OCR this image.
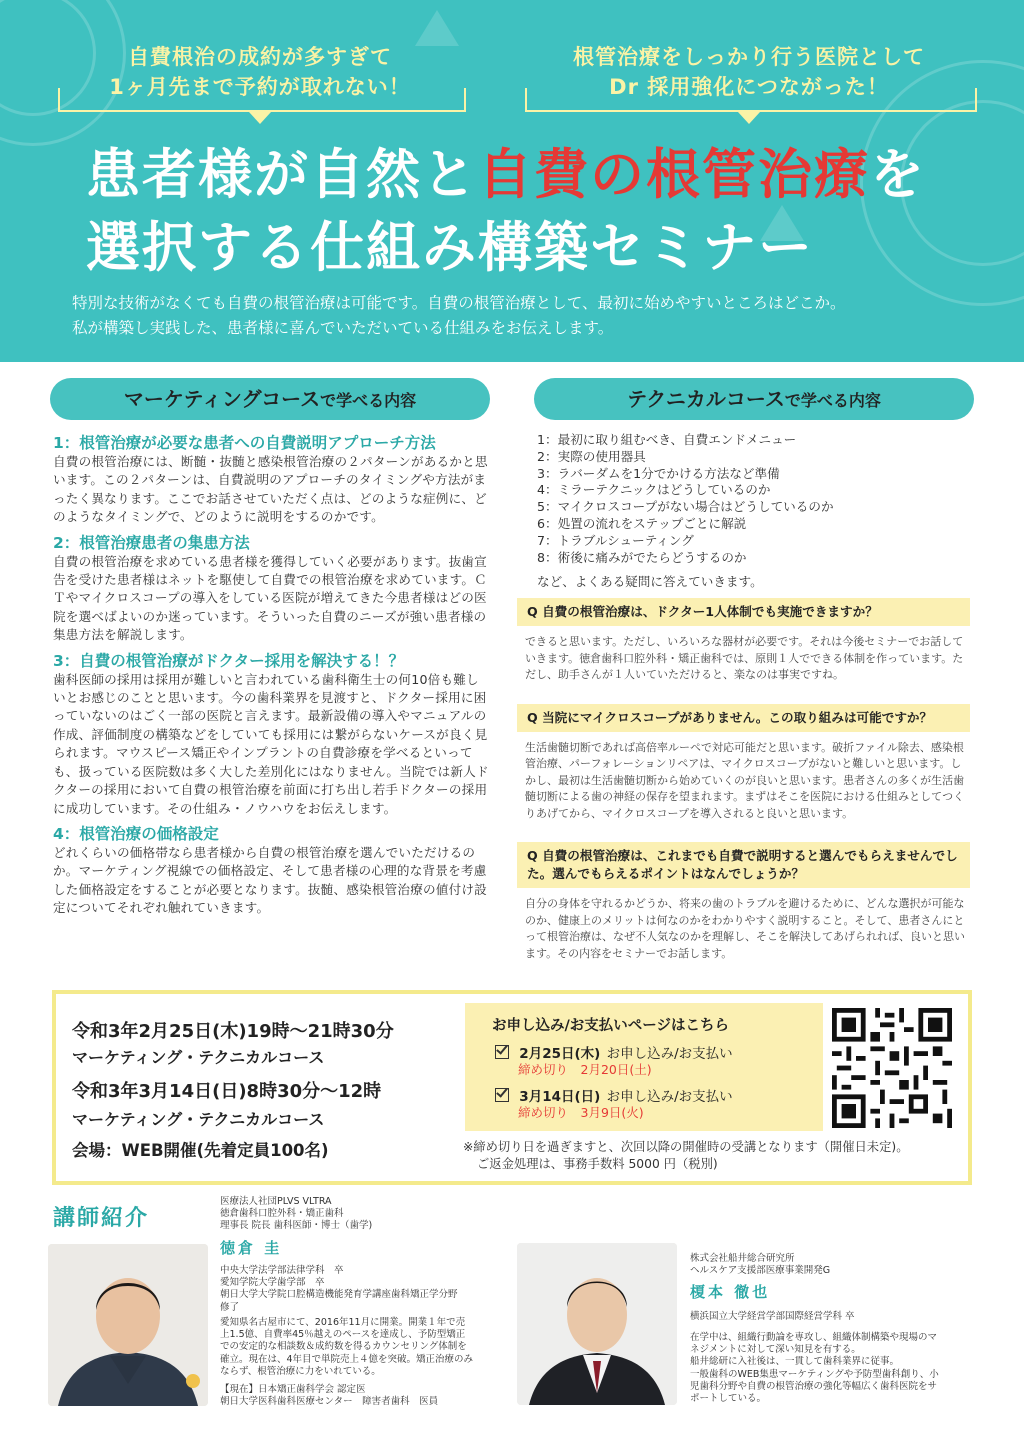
自費根治の成約が多すぎて
1ヶ月先まで予約が取れない！
根管治療をしっかり行う医院として
Dr 採用強化につながった！
患者様が自然と自費の根管治療を
選択する仕組み構築セミナー
特別な技術がなくても自費の根管治療は可能です。自費の根管治療として、最初に始めやすいところはどこか。
私が構築し実践した、患者様に喜んでいただいている仕組みをお伝えします。
マーケティングコースで学べる内容	テクニカルコースで学べる内容
1：根管治療が必要な患者への自費説明アプローチ方法
自費の根管治療には、断髄・抜髄と感染根管治療の２パターンがあるかと思います。この２パターンは、自費説明のアプローチのタイミングや方法がまったく異なります。ここでお話させていただく点は、どのような症例に、どのようなタイミングで、どのように説明をするのかです。
2：根管治療患者の集患方法
自費の根管治療を求めている患者様を獲得していく必要があります。抜歯宣告を受けた患者様はネットを駆使して自費での根管治療を求めています。ＣＴやマイクロスコープの導入をしている医院が増えてきた今患者様はどの医院を選べばよいのか迷っています。そういった自費のニーズが強い患者様の集患方法を解説します。
3：自費の根管治療がドクター採用を解決する！？
歯科医師の採用は採用が難しいと言われている歯科衛生士の何10倍も難しいとお感じのことと思います。今の歯科業界を見渡すと、ドクター採用に困っていないのはごく一部の医院と言えます。最新設備の導入やマニュアルの作成、評価制度の構築などをしていても採用には繋がらないケースが良く見られます。マウスピース矯正やインプラントの自費診療を学べるといっても、扱っている医院数は多く大した差別化にはなりません。当院では新人ドクターの採用において自費の根管治療を前面に打ち出し若手ドクターの採用に成功しています。その仕組み・ノウハウをお伝えします。
4：根管治療の価格設定
どれくらいの価格帯なら患者様から自費の根管治療を選んでいただけるのか。マーケティング視線での価格設定、そして患者様の心理的な背景を考慮した価格設定をすることが必要となります。抜髄、感染根管治療の値付け設定についてそれぞれ触れていきます。
1：最初に取り組むべき、自費エンドメニュー
2：実際の使用器具
3：ラバーダムを1分でかける方法など準備
4：ミラーテクニックはどうしているのか
5：マイクロスコープがない場合はどうしているのか
6：処置の流れをステップごとに解説
7：トラブルシューティング
8：術後に痛みがでたらどうするのか
など、よくある疑問に答えていきます。
Q 自費の根管治療は、ドクター1人体制でも実施できますか？
できると思います。ただし、いろいろな器材が必要です。それは今後セミナーでお話していきます。徳倉歯科口腔外科・矯正歯科では、原則１人でできる体制を作っています。ただし、助手さんが１人いていただけると、楽なのは事実ですね。
Q 当院にマイクロスコープがありません。この取り組みは可能ですか？
生活歯髄切断であれば高倍率ルーペで対応可能だと思います。破折ファイル除去、感染根管治療、パーフォレーションリペアは、マイクロスコープがないと難しいと思います。しかし、最初は生活歯髄切断から始めていくのが良いと思います。患者さんの多くが生活歯髄切断による歯の神経の保存を望まれます。まずはそこを医院における仕組みとしてつくりあげてから、マイクロスコープを導入されると良いと思います。
Q 自費の根管治療は、これまでも自費で説明すると選んでもらえませんでした。選んでもらえるポイントはなんでしょうか？
自分の身体を守れるかどうか、将来の歯のトラブルを避けるために、どんな選択が可能なのか、健康上のメリットは何なのかをわかりやすく説明すること。そして、患者さんにとって根管治療は、なぜ不人気なのかを理解し、そこを解決してあげられれば、良いと思います。その内容をセミナーでお話します。
令和3年2月25日(木)19時～21時30分
マーケティング・テクニカルコース
令和3年3月14日(日)8時30分～12時
マーケティング・テクニカルコース
会場：WEB開催(先着定員100名)
お申し込み/お支払いページはこちら
2月25日(木) お申し込み/お支払い
締め切り　2月20日(土)
3月14日(日) お申し込み/お支払い
締め切り　3月9日(火)
※締め切り日を過ぎますと、次回以降の開催時の受講となります（開催日未定)。
ご返金処理は、事務手数料 5000 円（税別)
講師紹介
医療法人社団PLVS VLTRA
徳倉歯科口腔外科・矯正歯科
理事長 院長 歯科医師・博士（歯学)
徳倉 圭
中央大学法学部法律学科　卒
愛知学院大学歯学部　卒
朝日大学大学院口腔構造機能発育学講座歯科矯正学分野
修了
愛知県名古屋市にて、2016年11月に開業。開業１年で売
上1.5億、自費率45％越えのペースを達成し、予防型矯正
での安定的な相談数＆成約数を得るカウンセリング体制を
確立。現在は、4年目で単院売上４億を突破。矯正治療のみ
ならず、根管治療に力をいれている。
【現在】日本矯正歯科学会 認定医
朝日大学医科歯科医療センター　障害者歯科　医員
株式会社船井総合研究所
ヘルスケア支援部医療事業開発G
榎本 徹也
横浜国立大学経営学部国際経営学科 卒
在学中は、組織行動論を専攻し、組織体制構築や現場のマ
ネジメントに対して深い知見を有する。
船井総研に入社後は、一貫して歯科業界に従事。
一般歯科のWEB集患マーケティングや予防型歯科創り、小
児歯科分野や自費の根管治療の強化等幅広く歯科医院をサ
ポートしている。
